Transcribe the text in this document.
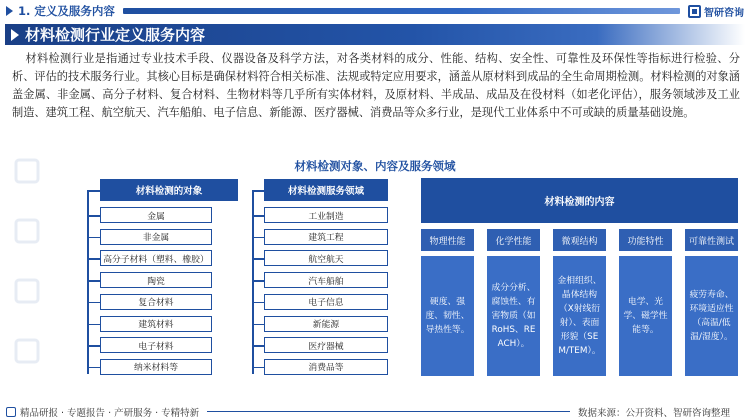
1. 定义及服务内容	智研咨询
材料检测行业定义服务内容

材料检测行业是指通过专业技术手段、仪器设备及科学方法，对各类材料的成分、性能、结构、安全性、可靠性及环保性等指标进行检验、分析、评估的技术服务行业。其核心目标是确保材料符合相关标准、法规或特定应用要求，涵盖从原材料到成品的全生命周期检测。材料检测的对象涵盖金属、非金属、高分子材料、复合材料、生物材料等几乎所有实体材料，及原材料、半成品、成品及在役材料（如老化评估），服务领域涉及工业制造、建筑工程、航空航天、汽车船舶、电子信息、新能源、医疗器械、消费品等众多行业，是现代工业体系中不可或缺的质量基础设施。

材料检测对象、内容及服务领域
材料检测的对象
金属
非金属
高分子材料（塑料、橡胶）
陶瓷
复合材料
建筑材料
电子材料
纳米材料等
材料检测服务领域
工业制造
建筑工程
航空航天
汽车船舶
电子信息
新能源
医疗器械
消费品等
材料检测的内容
物理性能
硬度、强度、韧性、导热性等。
化学性能
成分分析、腐蚀性、有害物质（如RoHS、REACH）。
微观结构
金相组织、晶体结构（X射线衍射）、表面形貌（SEM/TEM）。
功能特性
电学、光学、磁学性能等。
可靠性测试
疲劳寿命、环境适应性（高温/低温/湿度）。
精品研报 · 专题报告 · 产研服务 · 专精特新	数据来源：公开资料、智研咨询整理
